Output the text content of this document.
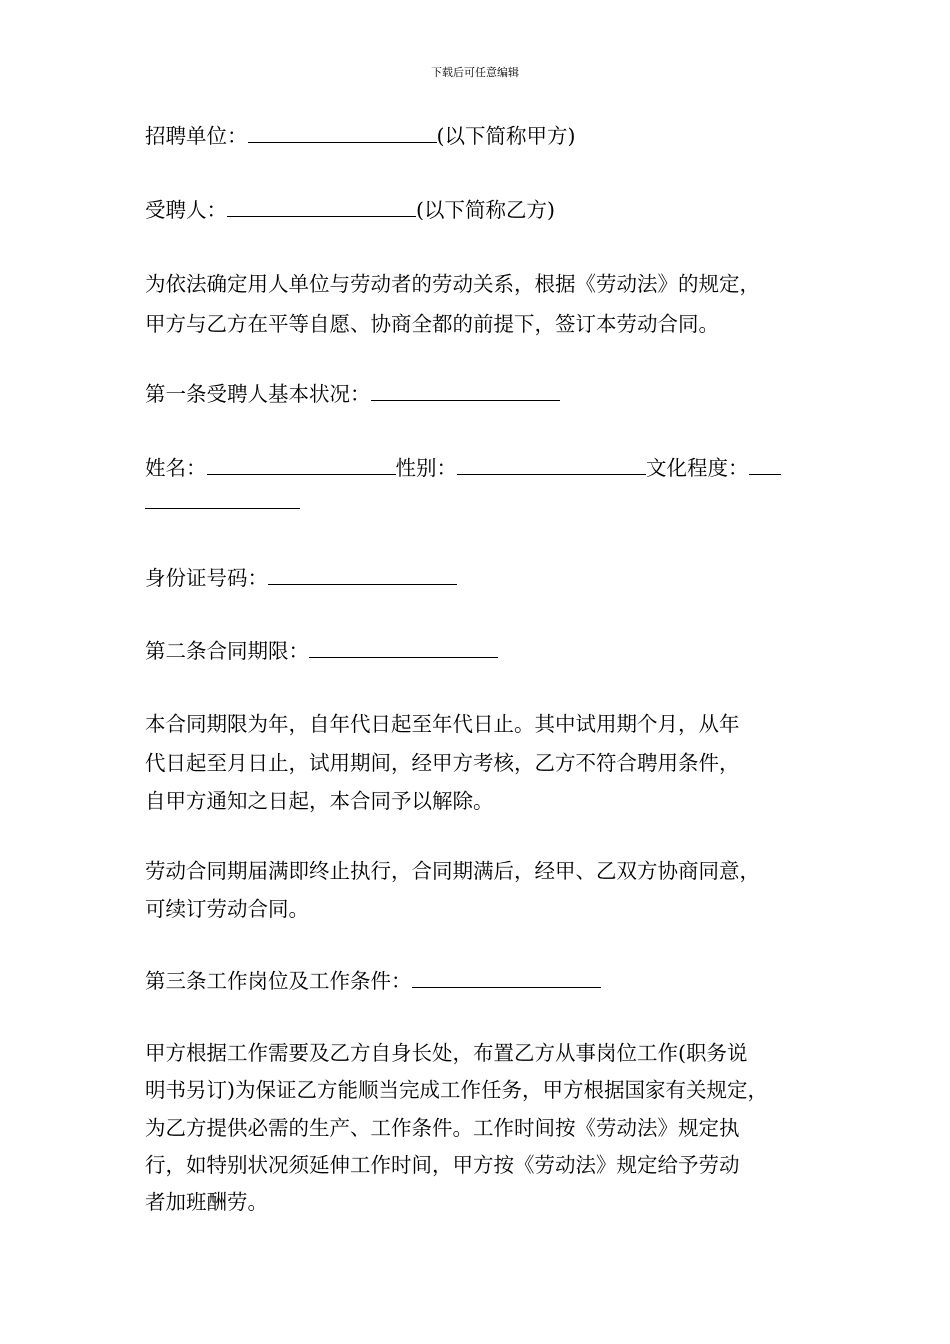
下载后可任意编辑
招聘单位：	(以下简称甲方)
受聘人：	(以下简称乙方)
为依法确定用人单位与劳动者的劳动关系，根据《劳动法》的规定，
甲方与乙方在平等自愿、协商全都的前提下，签订本劳动合同。
第一条受聘人基本状况：
姓名：	性别：	文化程度：
身份证号码：
第二条合同期限：
本合同期限为年，自年代日起至年代日止。其中试用期个月，从年
代日起至月日止，试用期间，经甲方考核，乙方不符合聘用条件，
自甲方通知之日起，本合同予以解除。
劳动合同期届满即终止执行，合同期满后，经甲、乙双方协商同意，
可续订劳动合同。
第三条工作岗位及工作条件：
甲方根据工作需要及乙方自身长处，布置乙方从事岗位工作(职务说
明书另订)为保证乙方能顺当完成工作任务，甲方根据国家有关规定，
为乙方提供必需的生产、工作条件。工作时间按《劳动法》规定执
行，如特别状况须延伸工作时间，甲方按《劳动法》规定给予劳动
者加班酬劳。
